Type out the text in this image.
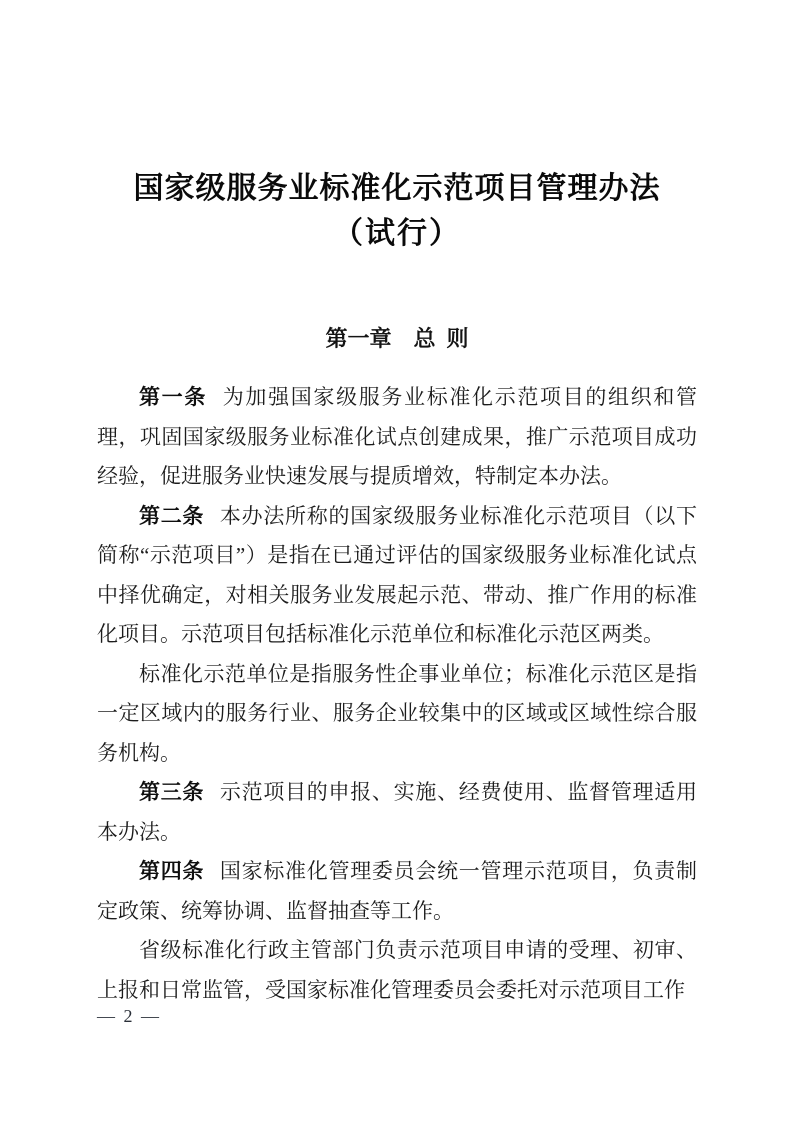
国家级服务业标准化示范项目管理办法
（试行）
第一章　总 则

第一条 为加强国家级服务业标准化示范项目的组织和管理，巩固国家级服务业标准化试点创建成果，推广示范项目成功经验，促进服务业快速发展与提质增效，特制定本办法。

第二条 本办法所称的国家级服务业标准化示范项目（以下简称“示范项目”）是指在已通过评估的国家级服务业标准化试点中择优确定，对相关服务业发展起示范、带动、推广作用的标准化项目。示范项目包括标准化示范单位和标准化示范区两类。

标准化示范单位是指服务性企事业单位；标准化示范区是指一定区域内的服务行业、服务企业较集中的区域或区域性综合服务机构。

第三条 示范项目的申报、实施、经费使用、监督管理适用本办法。

第四条 国家标准化管理委员会统一管理示范项目，负责制定政策、统筹协调、监督抽查等工作。

省级标准化行政主管部门负责示范项目申请的受理、初审、上报和日常监管，受国家标准化管理委员会委托对示范项目工作

— 2 —
